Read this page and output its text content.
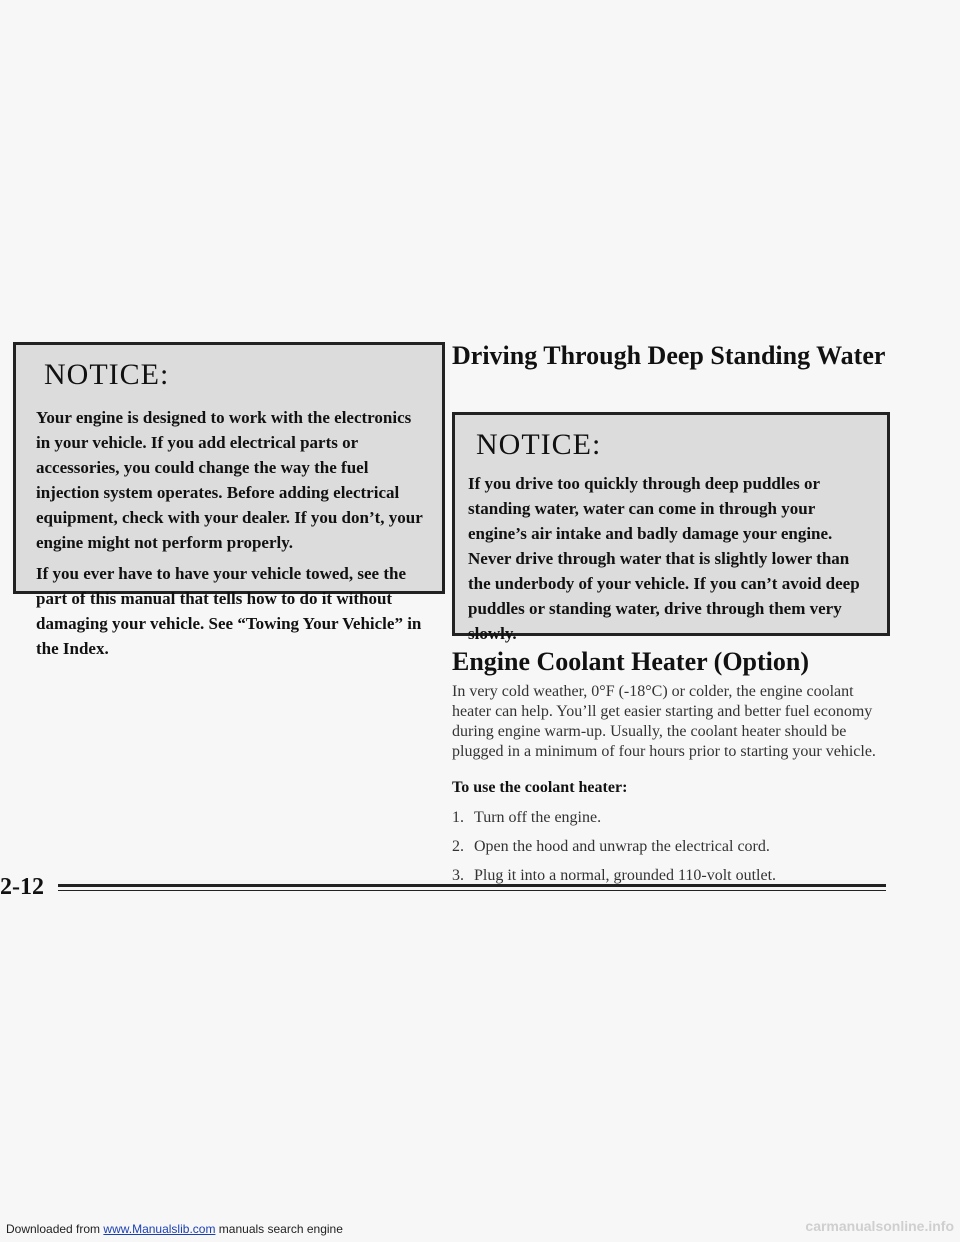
NOTICE:

Your engine is designed to work with the electronics in your vehicle. If you add electrical parts or accessories, you could change the way the fuel injection system operates. Before adding electrical equipment, check with your dealer. If you don’t, your engine might not perform properly.

If you ever have to have your vehicle towed, see the part of this manual that tells how to do it without damaging your vehicle. See “Towing Your Vehicle” in the Index.

Driving Through Deep Standing Water
NOTICE:

If you drive too quickly through deep puddles or standing water, water can come in through your engine’s air intake and badly damage your engine. Never drive through water that is slightly lower than the underbody of your vehicle. If you can’t avoid deep puddles or standing water, drive through them very slowly.

Engine Coolant Heater (Option)

In very cold weather, 0°F (-18°C) or colder, the engine coolant heater can help. You’ll get easier starting and better fuel economy during engine warm-up. Usually, the coolant heater should be plugged in a minimum of four hours prior to starting your vehicle.

To use the coolant heater:

1. Turn off the engine.
2. Open the hood and unwrap the electrical cord.
3. Plug it into a normal, grounded 110-volt outlet.
2-12
Downloaded from www.Manualslib.com manuals search engine	carmanualsonline.info
